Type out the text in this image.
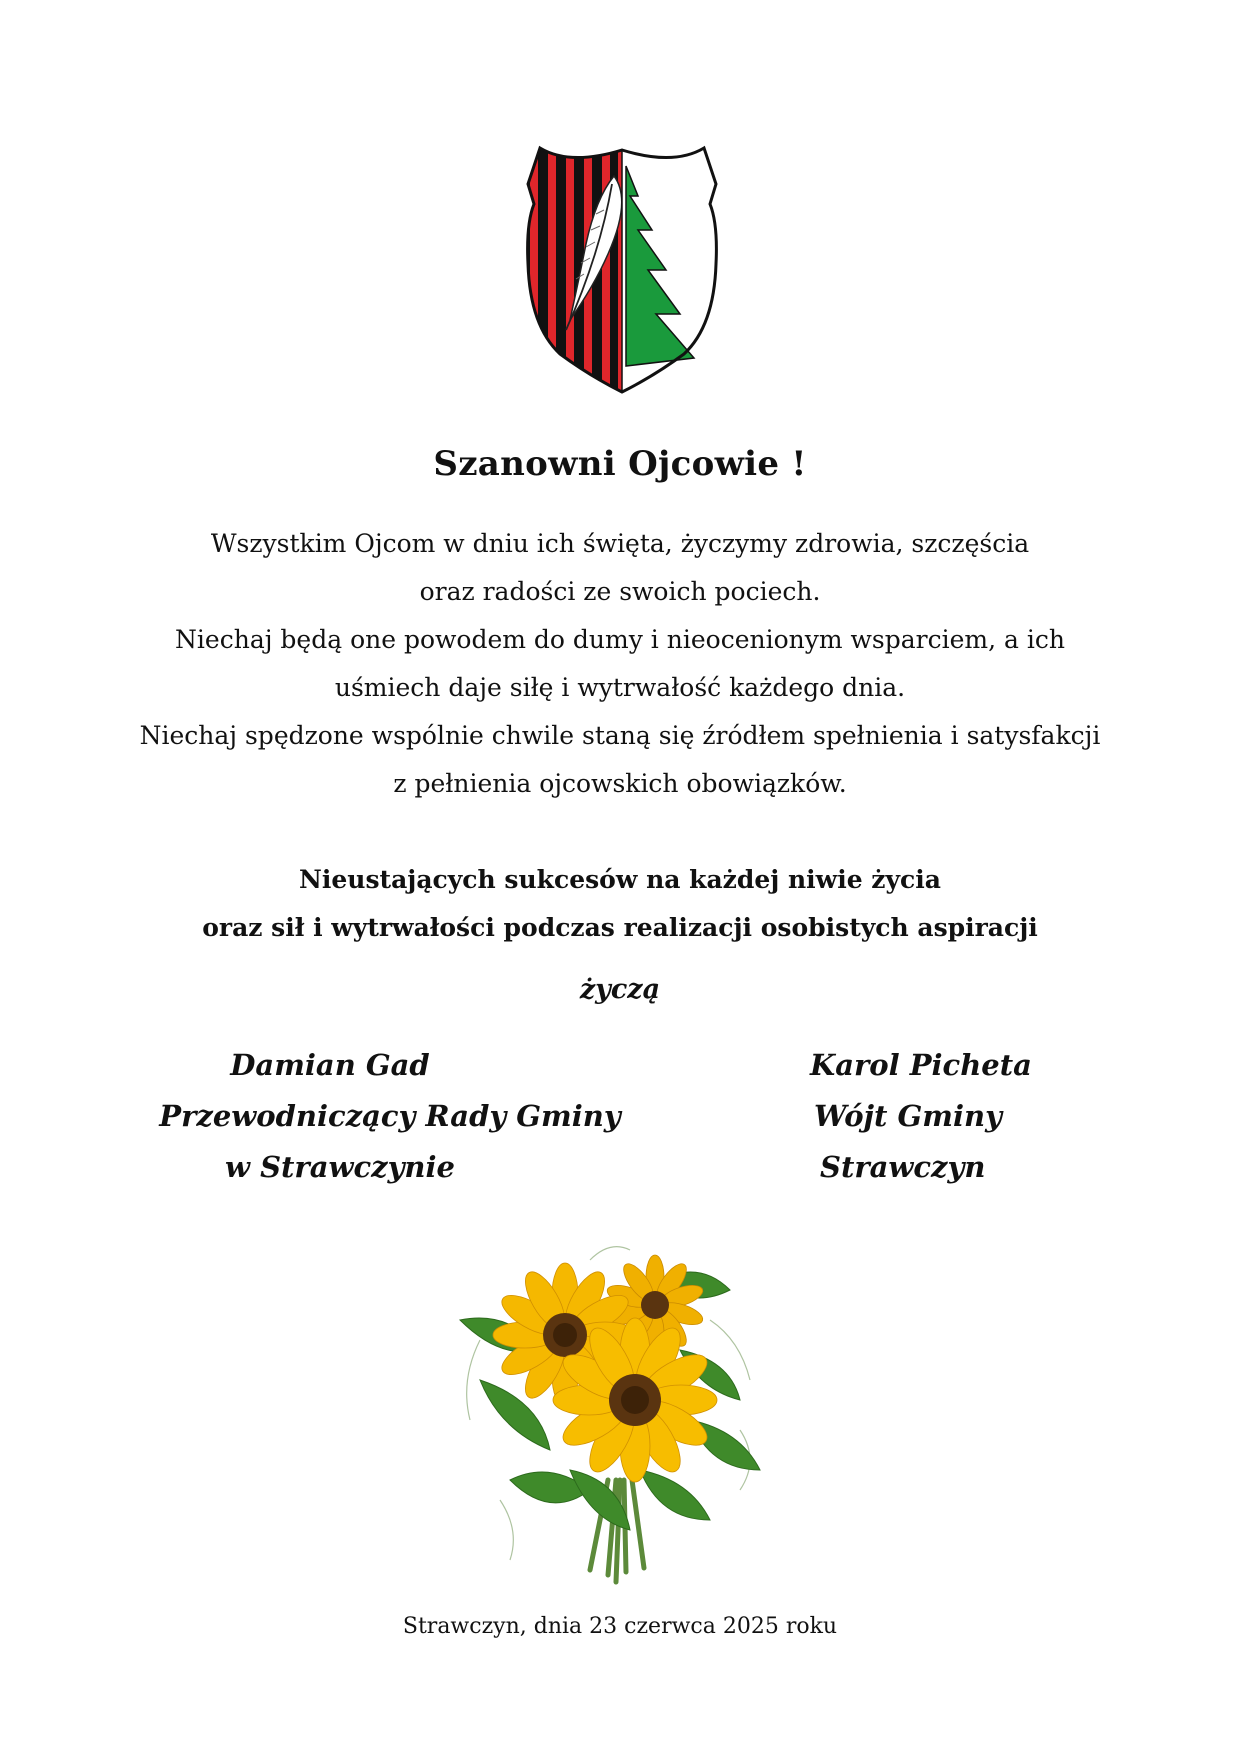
Szanowni Ojcowie !
Wszystkim Ojcom w dniu ich święta, życzymy zdrowia, szczęścia
oraz radości ze swoich pociech.
Niechaj będą one powodem do dumy i nieocenionym wsparciem, a ich
uśmiech daje siłę i wytrwałość każdego dnia.
Niechaj spędzone wspólnie chwile staną się źródłem spełnienia i satysfakcji
z pełnienia ojcowskich obowiązków.
Nieustających sukcesów na każdej niwie życia
oraz sił i wytrwałości podczas realizacji osobistych aspiracji
życzą
Damian Gad
Przewodniczący Rady Gminy
w Strawczynie
Karol Picheta
Wójt Gminy
Strawczyn
Strawczyn, dnia 23 czerwca 2025 roku
